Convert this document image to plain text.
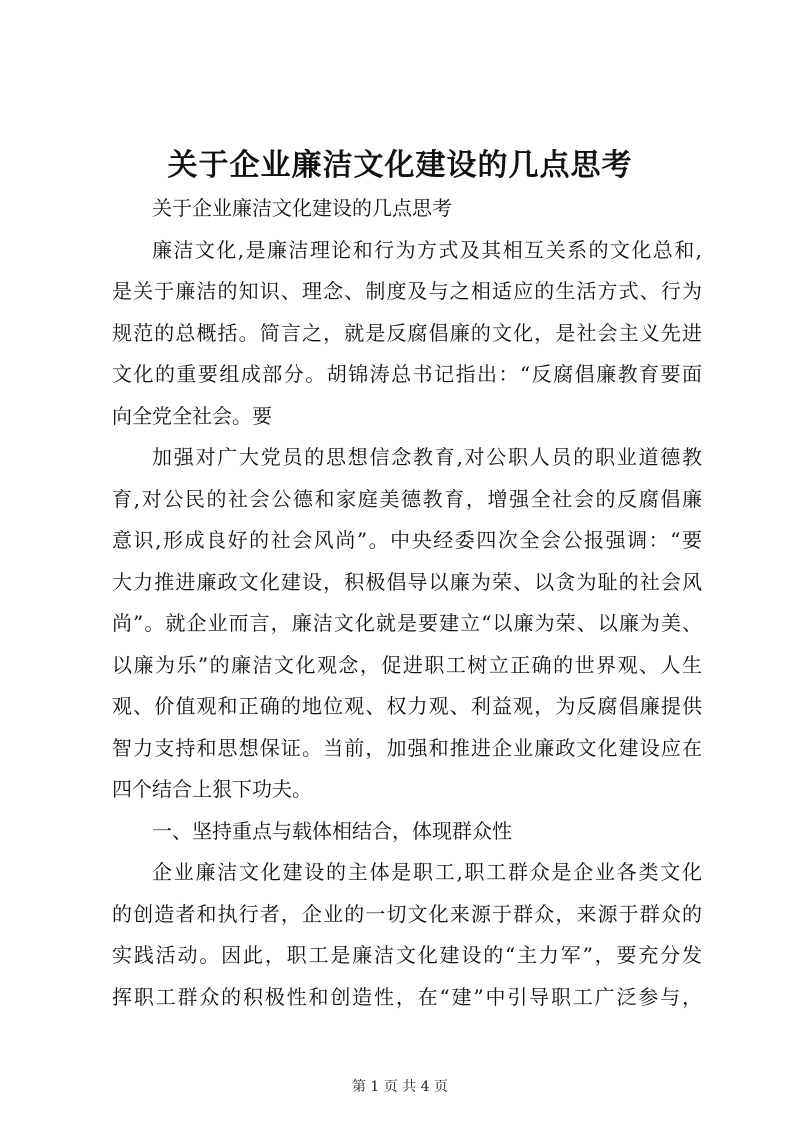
关于企业廉洁文化建设的几点思考
关于企业廉洁文化建设的几点思考
廉洁文化,是廉洁理论和行为方式及其相互关系的文化总和,
是关于廉洁的知识、理念、制度及与之相适应的生活方式、行为
规范的总概括。简言之，就是反腐倡廉的文化，是社会主义先进
文化的重要组成部分。胡锦涛总书记指出：“反腐倡廉教育要面
向全党全社会。要
加强对广大党员的思想信念教育,对公职人员的职业道德教
育,对公民的社会公德和家庭美德教育，增强全社会的反腐倡廉
意识,形成良好的社会风尚”。中央经委四次全会公报强调：“要
大力推进廉政文化建设，积极倡导以廉为荣、以贪为耻的社会风
尚”。就企业而言，廉洁文化就是要建立“以廉为荣、以廉为美、
以廉为乐”的廉洁文化观念，促进职工树立正确的世界观、人生
观、价值观和正确的地位观、权力观、利益观，为反腐倡廉提供
智力支持和思想保证。当前，加强和推进企业廉政文化建设应在
四个结合上狠下功夫。
一、坚持重点与载体相结合，体现群众性
企业廉洁文化建设的主体是职工,职工群众是企业各类文化
的创造者和执行者，企业的一切文化来源于群众，来源于群众的
实践活动。因此，职工是廉洁文化建设的“主力军”，要充分发
挥职工群众的积极性和创造性，在“建”中引导职工广泛参与，
第 1 页 共 4 页
